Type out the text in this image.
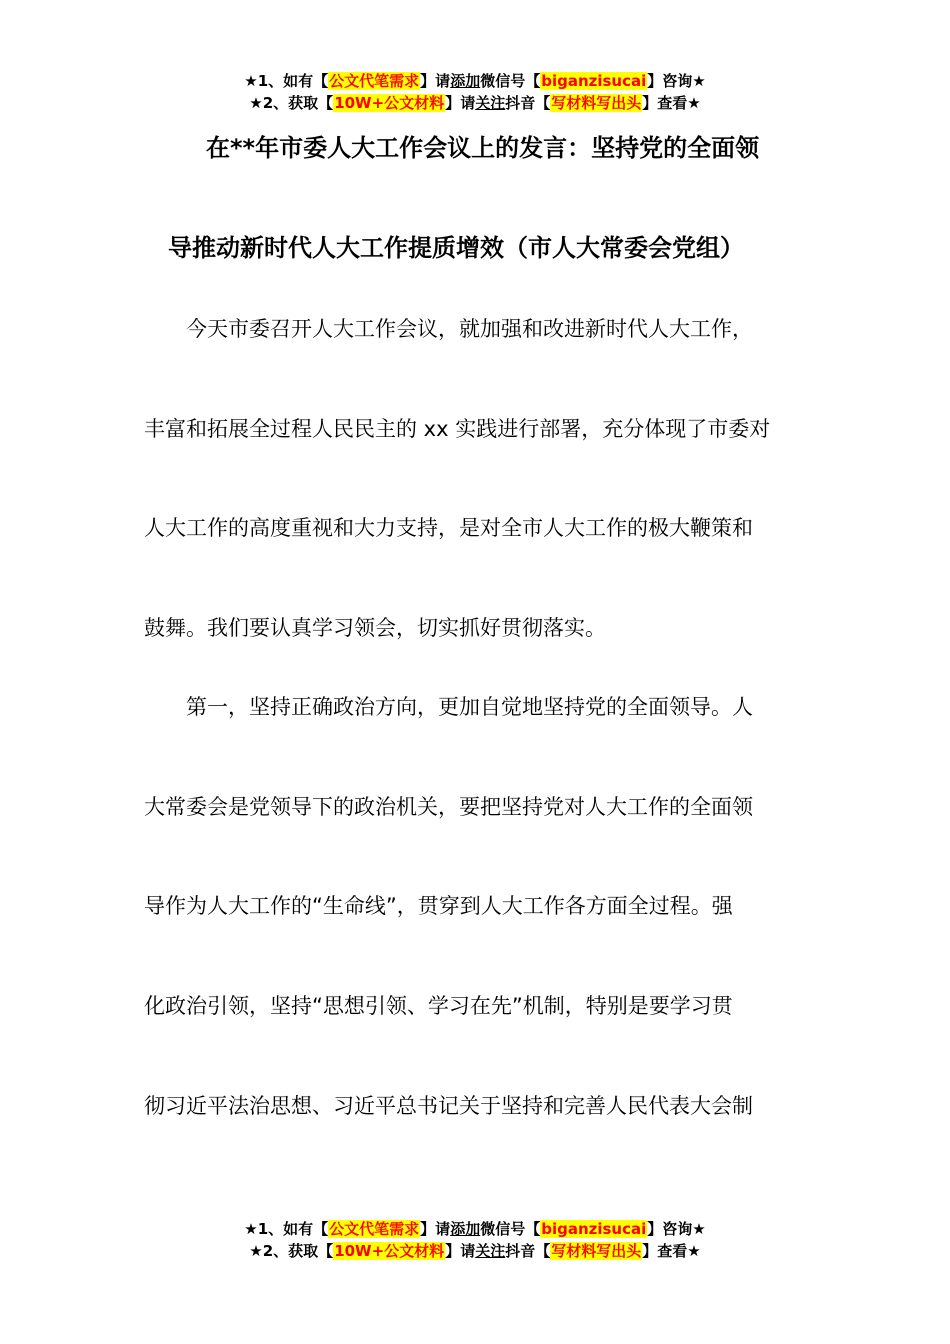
★1、如有【公文代笔需求】请添加微信号【biganzisucai】咨询★
★2、获取【10W+公文材料】请关注抖音【写材料写出头】查看★
在**年市委人大工作会议上的发言：坚持党的全面领
导推动新时代人大工作提质增效（市人大常委会党组）
　　今天市委召开人大工作会议，就加强和改进新时代人大工作，
丰富和拓展全过程人民民主的 xx 实践进行部署，充分体现了市委对
人大工作的高度重视和大力支持，是对全市人大工作的极大鞭策和
鼓舞。我们要认真学习领会，切实抓好贯彻落实。
　　第一，坚持正确政治方向，更加自觉地坚持党的全面领导。人
大常委会是党领导下的政治机关，要把坚持党对人大工作的全面领
导作为人大工作的“生命线”，贯穿到人大工作各方面全过程。强
化政治引领，坚持“思想引领、学习在先”机制，特别是要学习贯
彻习近平法治思想、习近平总书记关于坚持和完善人民代表大会制
★1、如有【公文代笔需求】请添加微信号【biganzisucai】咨询★
★2、获取【10W+公文材料】请关注抖音【写材料写出头】查看★
